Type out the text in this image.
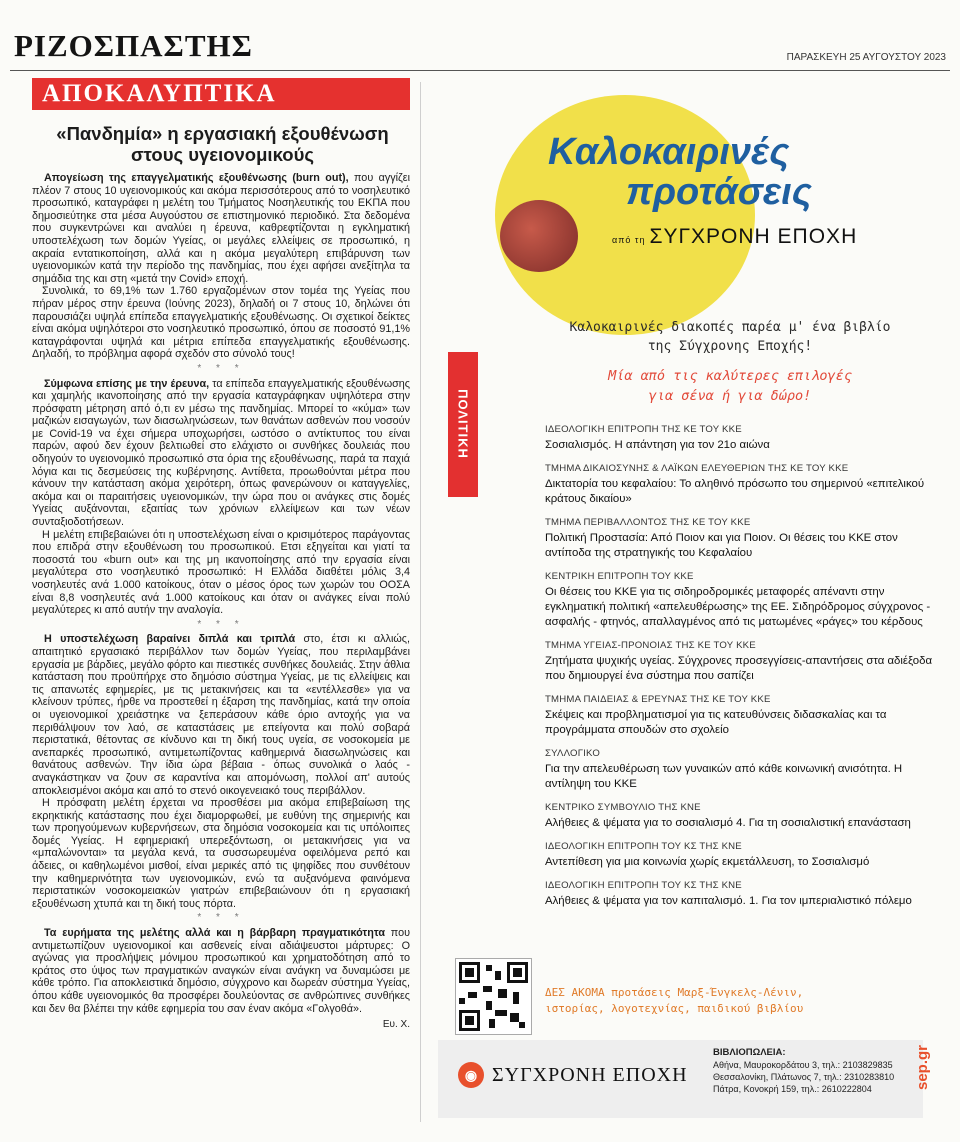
ΡΙΖΟΣΠΑΣΤΗΣ	ΠΑΡΑΣΚΕΥΗ 25 ΑΥΓΟΥΣΤΟΥ 2023
ΑΠΟΚΑΛΥΠΤΙΚΑ
«Πανδημία» η εργασιακή εξουθένωση
στους υγειονομικούς

Απογείωση της επαγγελματικής εξουθένωσης (burn out), που αγγίζει πλέον 7 στους 10 υγειονομικούς και ακόμα περισσότερους από το νοσηλευτικό προσωπικό, καταγράφει η μελέτη του Τμήματος Νοσηλευτικής του ΕΚΠΑ που δημοσιεύτηκε στα μέσα Αυγούστου σε επιστημονικό περιοδικό. Στα δεδομένα που συγκεντρώνει και αναλύει η έρευνα, καθρεφτίζονται η εγκληματική υποστελέχωση των δομών Υγείας, οι μεγάλες ελλείψεις σε προσωπικό, η ακραία εντατικοποίηση, αλλά και η ακόμα μεγαλύτερη επιβάρυνση των υγειονομικών κατά την περίοδο της πανδημίας, που έχει αφήσει ανεξίτηλα τα σημάδια της και στη «μετά την Covid» εποχή.

Συνολικά, το 69,1% των 1.760 εργαζομένων στον τομέα της Υγείας που πήραν μέρος στην έρευνα (Ιούνης 2023), δηλαδή οι 7 στους 10, δηλώνει ότι παρουσιάζει υψηλά επίπεδα επαγγελματικής εξουθένωσης. Οι σχετικοί δείκτες είναι ακόμα υψηλότεροι στο νοσηλευτικό προσωπικό, όπου σε ποσοστό 91,1% καταγράφονται υψηλά και μέτρια επίπεδα επαγγελματικής εξουθένωσης. Δηλαδή, το πρόβλημα αφορά σχεδόν στο σύνολό τους!

* * *

Σύμφωνα επίσης με την έρευνα, τα επίπεδα επαγγελματικής εξουθένωσης και χαμηλής ικανοποίησης από την εργασία καταγράφηκαν υψηλότερα στην πρόσφατη μέτρηση από ό,τι εν μέσω της πανδημίας. Μπορεί το «κύμα» των μαζικών εισαγωγών, των διασωληνώσεων, των θανάτων ασθενών που νοσούν με Covid-19 να έχει σήμερα υποχωρήσει, ωστόσο ο αντίκτυπος του είναι παρών, αφού δεν έχουν βελτιωθεί στο ελάχιστο οι συνθήκες δουλειάς που οδηγούν το υγειονομικό προσωπικό στα όρια της εξουθένωσης, παρά τα παχιά λόγια και τις δεσμεύσεις της κυβέρνησης. Αντίθετα, προωθούνται μέτρα που κάνουν την κατάσταση ακόμα χειρότερη, όπως φανερώνουν οι καταγγελίες, ακόμα και οι παραιτήσεις υγειονομικών, την ώρα που οι ανάγκες στις δομές Υγείας αυξάνονται, εξαιτίας των χρόνιων ελλείψεων και των νέων συνταξιοδοτήσεων.

Η μελέτη επιβεβαιώνει ότι η υποστελέχωση είναι ο κρισιμότερος παράγοντας που επιδρά στην εξουθένωση του προσωπικού. Ετσι εξηγείται και γιατί τα ποσοστά του «burn out» και της μη ικανοποίησης από την εργασία είναι μεγαλύτερα στο νοσηλευτικό προσωπικό: Η Ελλάδα διαθέτει μόλις 3,4 νοσηλευτές ανά 1.000 κατοίκους, όταν ο μέσος όρος των χωρών του ΟΟΣΑ είναι 8,8 νοσηλευτές ανά 1.000 κατοίκους και όταν οι ανάγκες είναι πολύ μεγαλύτερες κι από αυτήν την αναλογία.

* * *

Η υποστελέχωση βαραίνει διπλά και τριπλά στο, έτσι κι αλλιώς, απαιτητικό εργασιακό περιβάλλον των δομών Υγείας, που περιλαμβάνει εργασία με βάρδιες, μεγάλο φόρτο και πιεστικές συνθήκες δουλειάς. Στην άθλια κατάσταση που προϋπήρχε στο δημόσιο σύστημα Υγείας, με τις ελλείψεις και τις απανωτές εφημερίες, με τις μετακινήσεις και τα «εντέλλεσθε» για να κλείνουν τρύπες, ήρθε να προστεθεί η έξαρση της πανδημίας, κατά την οποία οι υγειονομικοί χρειάστηκε να ξεπεράσουν κάθε όριο αντοχής για να περιθάλψουν τον λαό, σε καταστάσεις με επείγοντα και πολύ σοβαρά περιστατικά, θέτοντας σε κίνδυνο και τη δική τους υγεία, σε νοσοκομεία με ανεπαρκές προσωπικό, αντιμετωπίζοντας καθημερινά διασωληνώσεις και θανάτους ασθενών. Την ίδια ώρα βέβαια - όπως συνολικά ο λαός - αναγκάστηκαν να ζουν σε καραντίνα και απομόνωση, πολλοί απ' αυτούς αποκλεισμένοι ακόμα και από το στενό οικογενειακό τους περιβάλλον.

Η πρόσφατη μελέτη έρχεται να προσθέσει μια ακόμα επιβεβαίωση της εκρηκτικής κατάστασης που έχει διαμορφωθεί, με ευθύνη της σημερινής και των προηγούμενων κυβερνήσεων, στα δημόσια νοσοκομεία και τις υπόλοιπες δομές Υγείας. Η εφημεριακή υπερεξόντωση, οι μετακινήσεις για να «μπαλώνονται» τα μεγάλα κενά, τα συσσωρευμένα οφειλόμενα ρεπό και άδειες, οι καθηλωμένοι μισθοί, είναι μερικές από τις ψηφίδες που συνθέτουν την καθημερινότητα των υγειονομικών, ενώ τα αυξανόμενα φαινόμενα περιστατικών νοσοκομειακών γιατρών επιβεβαιώνουν ότι η εργασιακή εξουθένωση χτυπά και τη δική τους πόρτα.

* * *

Τα ευρήματα της μελέτης αλλά και η βάρβαρη πραγματικότητα που αντιμετωπίζουν υγειονομικοί και ασθενείς είναι αδιάψευστοι μάρτυρες: Ο αγώνας για προσλήψεις μόνιμου προσωπικού και χρηματοδότηση από το κράτος στο ύψος των πραγματικών αναγκών είναι ανάγκη να δυναμώσει με κάθε τρόπο. Για αποκλειστικά δημόσιο, σύγχρονο και δωρεάν σύστημα Υγείας, όπου κάθε υγειονομικός θα προσφέρει δουλεύοντας σε ανθρώπινες συνθήκες και δεν θα βλέπει την κάθε εφημερία του σαν έναν ακόμα «Γολγοθά».

Ευ. Χ.
Καλοκαιρινές
προτάσεις
από τη ΣΥΓΧΡΟΝΗ ΕΠΟΧΗ
Καλοκαιρινές διακοπές παρέα μ' ένα βιβλίο
της Σύγχρονης Εποχής!
Μία από τις καλύτερες επιλογές
για σένα ή για δώρο!
ΠΟΛΙΤΙΚΗ	ΙΔΕΟΛΟΓΙΚΗ ΕΠΙΤΡΟΠΗ ΤΗΣ ΚΕ ΤΟΥ ΚΚΕ
Σοσιαλισμός. Η απάντηση για τον 21ο αιώνα
ΤΜΗΜΑ ΔΙΚΑΙΟΣΥΝΗΣ & ΛΑΪΚΩΝ ΕΛΕΥΘΕΡΙΩΝ ΤΗΣ ΚΕ ΤΟΥ ΚΚΕ
Δικτατορία του κεφαλαίου: Το αληθινό πρόσωπο του σημερινού «επιτελικού κράτους δικαίου»
ΤΜΗΜΑ ΠΕΡΙΒΑΛΛΟΝΤΟΣ ΤΗΣ ΚΕ ΤΟΥ ΚΚΕ
Πολιτική Προστασία: Από Ποιον και για Ποιον. Οι θέσεις του ΚΚΕ στον αντίποδα της στρατηγικής του Κεφαλαίου
ΚΕΝΤΡΙΚΗ ΕΠΙΤΡΟΠΗ ΤΟΥ ΚΚΕ
Οι θέσεις του ΚΚΕ για τις σιδηροδρομικές μεταφορές απέναντι στην εγκληματική πολιτική «απελευθέρωσης» της ΕΕ. Σιδηρόδρομος σύγχρονος - ασφαλής - φτηνός, απαλλαγμένος από τις ματωμένες «ράγες» του κέρδους
ΤΜΗΜΑ ΥΓΕΙΑΣ-ΠΡΟΝΟΙΑΣ ΤΗΣ ΚΕ ΤΟΥ ΚΚΕ
Ζητήματα ψυχικής υγείας. Σύγχρονες προσεγγίσεις-απαντήσεις στα αδιέξοδα που δημιουργεί ένα σύστημα που σαπίζει
ΤΜΗΜΑ ΠΑΙΔΕΙΑΣ & ΕΡΕΥΝΑΣ ΤΗΣ ΚΕ ΤΟΥ ΚΚΕ
Σκέψεις και προβληματισμοί για τις κατευθύνσεις διδασκαλίας και τα προγράμματα σπουδών στο σχολείο
ΣΥΛΛΟΓΙΚΟ
Για την απελευθέρωση των γυναικών από κάθε κοινωνική ανισότητα. Η αντίληψη του ΚΚΕ
ΚΕΝΤΡΙΚΟ ΣΥΜΒΟΥΛΙΟ ΤΗΣ ΚΝΕ
Αλήθειες & ψέματα για το σοσιαλισμό 4. Για τη σοσιαλιστική επανάσταση
ΙΔΕΟΛΟΓΙΚΗ ΕΠΙΤΡΟΠΗ ΤΟΥ ΚΣ ΤΗΣ ΚΝΕ
Αντεπίθεση για μια κοινωνία χωρίς εκμετάλλευση, το Σοσιαλισμό
ΙΔΕΟΛΟΓΙΚΗ ΕΠΙΤΡΟΠΗ ΤΟΥ ΚΣ ΤΗΣ ΚΝΕ
Αλήθειες & ψέματα για τον καπιταλισμό. 1. Για τον ιμπεριαλιστικό πόλεμο
ΔΕΣ ΑΚΟΜΑ προτάσεις Μαρξ-Ένγκελς-Λένιν,
ιστορίας, λογοτεχνίας, παιδικού βιβλίου
◉ ΣΥΓΧΡΟΝΗ ΕΠΟΧΗ
ΒΙΒΛΙΟΠΩΛΕΙΑ:
Αθήνα, Μαυροκορδάτου 3, τηλ.: 2103829835
Θεσσαλονίκη, Πλάτωνος 7, τηλ.: 2310283810
Πάτρα, Κονοκρή 159, τηλ.: 2610222804	sep.gr
